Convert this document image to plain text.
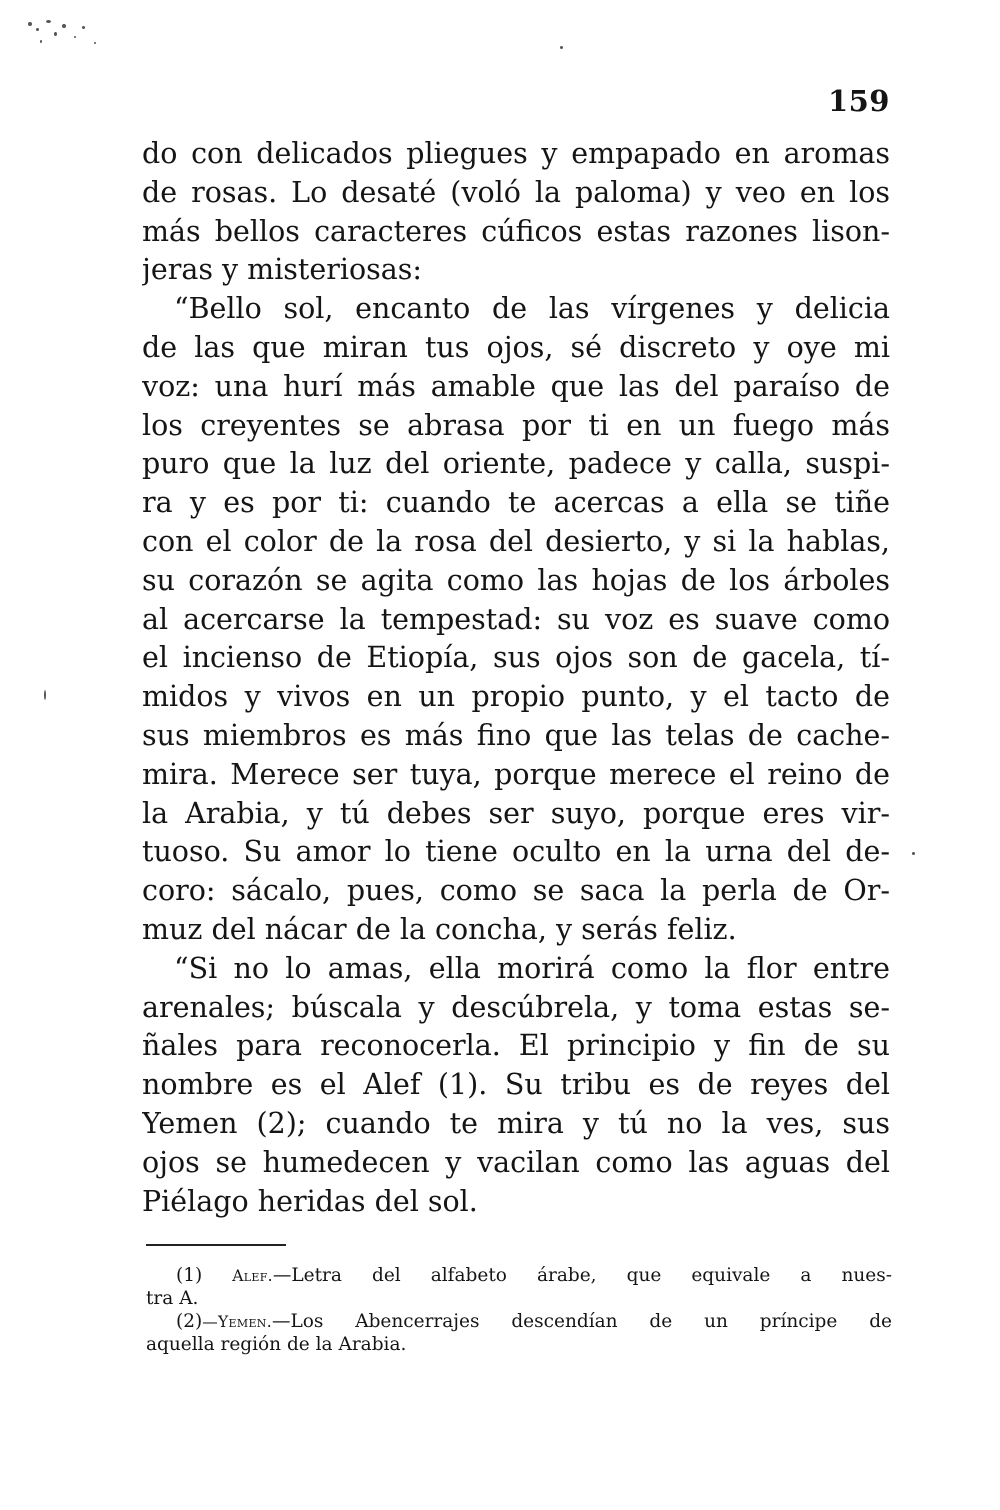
159
do con delicados pliegues y empapado en aromas
de rosas. Lo desaté (voló la paloma) y veo en los
más bellos caracteres cúficos estas razones lison-
jeras y misteriosas:
“Bello sol, encanto de las vírgenes y delicia
de las que miran tus ojos, sé discreto y oye mi
voz: una hurí más amable que las del paraíso de
los creyentes se abrasa por ti en un fuego más
puro que la luz del oriente, padece y calla, suspi-
ra y es por ti: cuando te acercas a ella se tiñe
con el color de la rosa del desierto, y si la hablas,
su corazón se agita como las hojas de los árboles
al acercarse la tempestad: su voz es suave como
el incienso de Etiopía, sus ojos son de gacela, tí-
midos y vivos en un propio punto, y el tacto de
sus miembros es más fino que las telas de cache-
mira. Merece ser tuya, porque merece el reino de
la Arabia, y tú debes ser suyo, porque eres vir-
tuoso. Su amor lo tiene oculto en la urna del de-
coro: sácalo, pues, como se saca la perla de Or-
muz del nácar de la concha, y serás feliz.
“Si no lo amas, ella morirá como la flor entre
arenales; búscala y descúbrela, y toma estas se-
ñales para reconocerla. El principio y fin de su
nombre es el Alef (1). Su tribu es de reyes del
Yemen (2); cuando te mira y tú no la ves, sus
ojos se humedecen y vacilan como las aguas del
Piélago heridas del sol.
(1) Alef.—Letra del alfabeto árabe, que equivale a nues-
tra A.
(2)—Yemen.—Los Abencerrajes descendían de un príncipe de
aquella región de la Arabia.
